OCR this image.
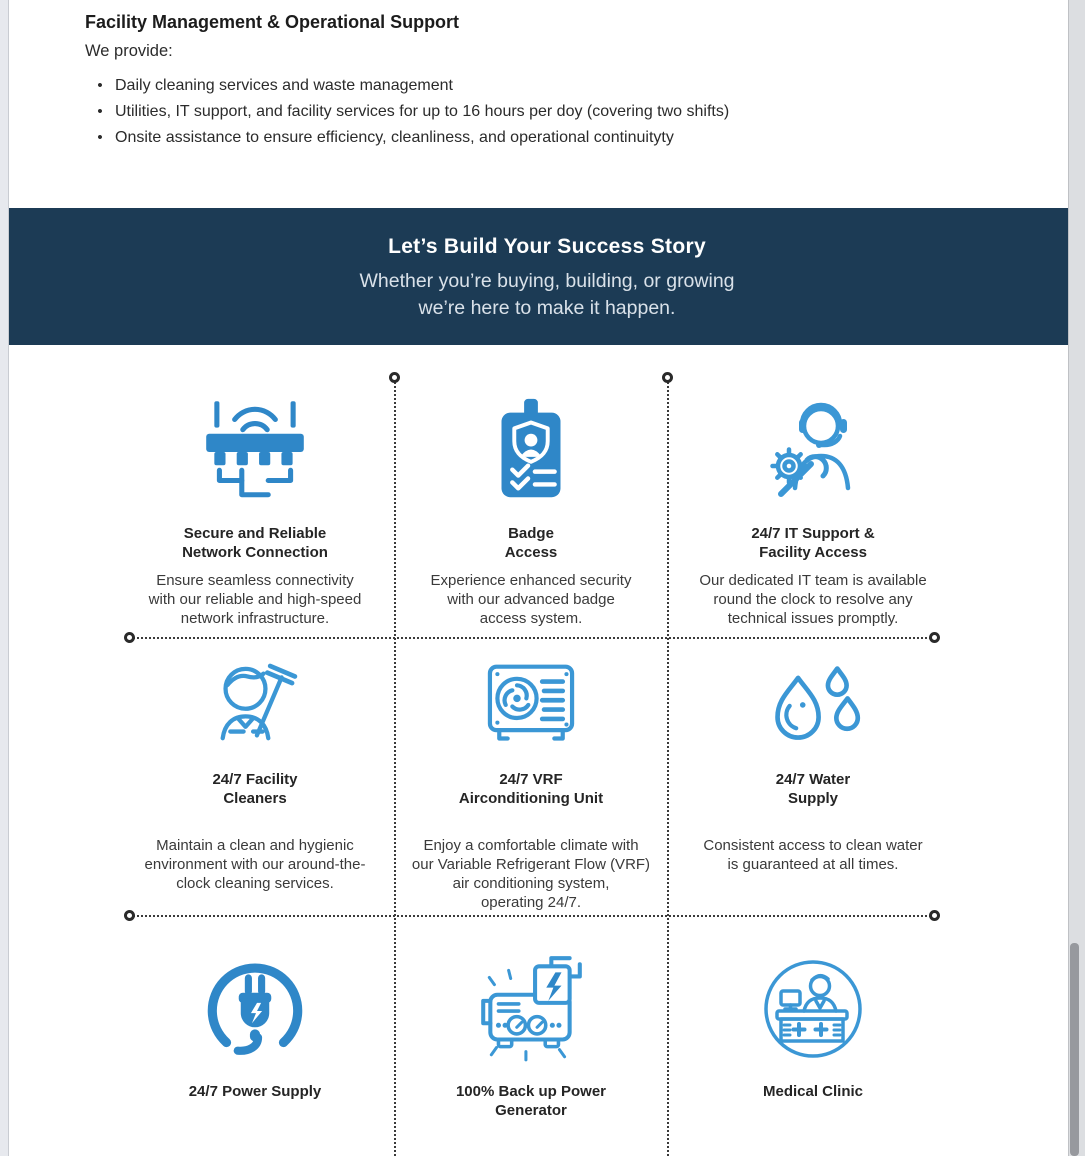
Facility Management & Operational Support
We provide:
• Daily cleaning services and waste management
• Utilities, IT support, and facility services for up to 16 hours per doy (covering two shifts)
• Onsite assistance to ensure efficiency, cleanliness, and operational continuityty
Let’s Build Your Success Story
Whether you’re buying, building, or growing
we’re here to make it happen.
Secure and Reliable
Network Connection
Ensure seamless connectivity
with our reliable and high-speed
network infrastructure.
Badge
Access
Experience enhanced security
with our advanced badge
access system.
24/7 IT Support &
Facility Access
Our dedicated IT team is available
round the clock to resolve any
technical issues promptly.
24/7 Facility
Cleaners
Maintain a clean and hygienic
environment with our around-the-
clock cleaning services.
24/7 VRF
Airconditioning Unit
Enjoy a comfortable climate with
our Variable Refrigerant Flow (VRF)
air conditioning system,
operating 24/7.
24/7 Water
Supply
Consistent access to clean water
is guaranteed at all times.
24/7 Power Supply	100% Back up Power
Generator
Medical Clinic
